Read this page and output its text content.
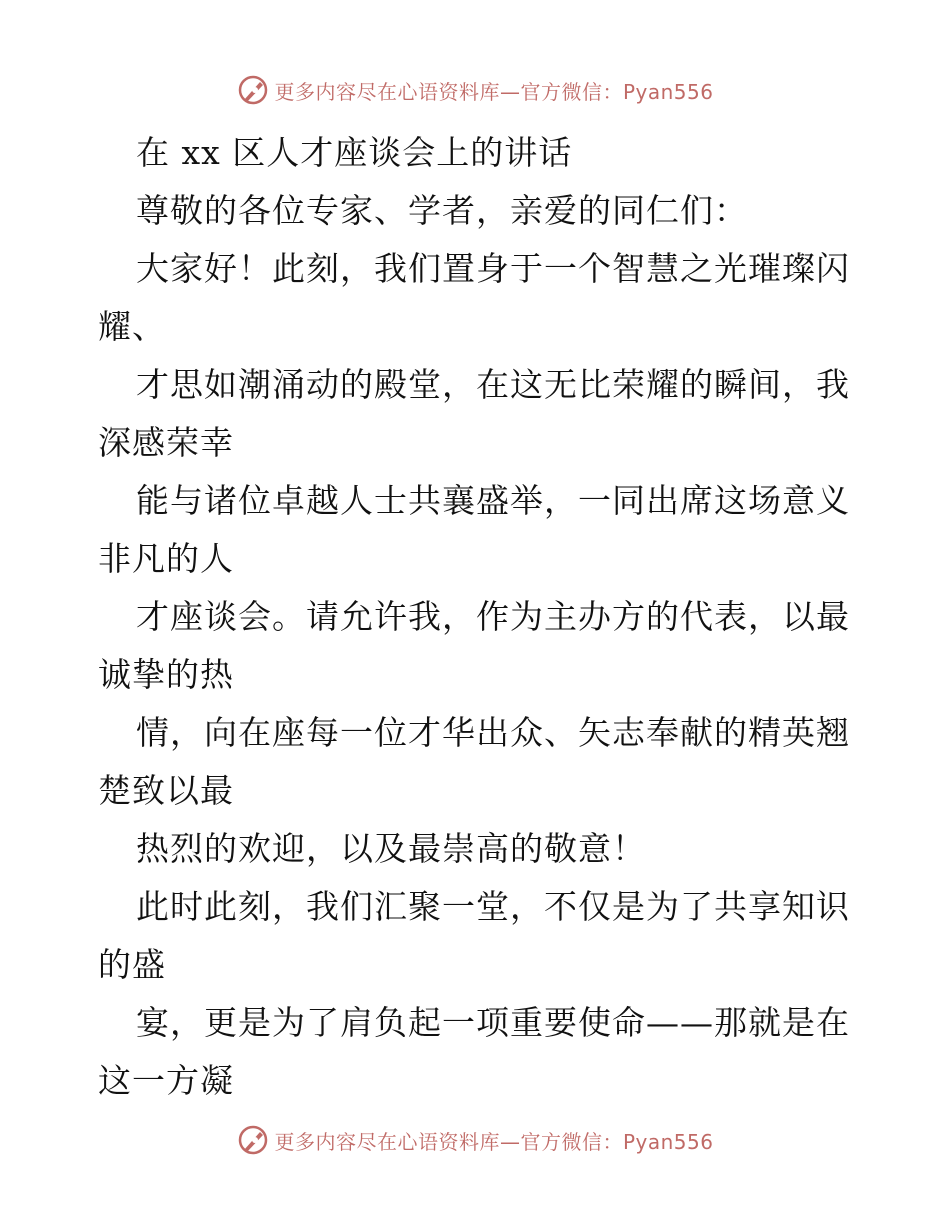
更多内容尽在心语资料库—官方微信：Pyan556
在 xx 区人才座谈会上的讲话
尊敬的各位专家、学者，亲爱的同仁们：
大家好！此刻，我们置身于一个智慧之光璀璨闪
耀、
才思如潮涌动的殿堂，在这无比荣耀的瞬间，我
深感荣幸
能与诸位卓越人士共襄盛举，一同出席这场意义
非凡的人
才座谈会。请允许我，作为主办方的代表，以最
诚挚的热
情，向在座每一位才华出众、矢志奉献的精英翘
楚致以最
热烈的欢迎，以及最崇高的敬意！
此时此刻，我们汇聚一堂，不仅是为了共享知识
的盛
宴，更是为了肩负起一项重要使命——那就是在
这一方凝
更多内容尽在心语资料库—官方微信：Pyan556
